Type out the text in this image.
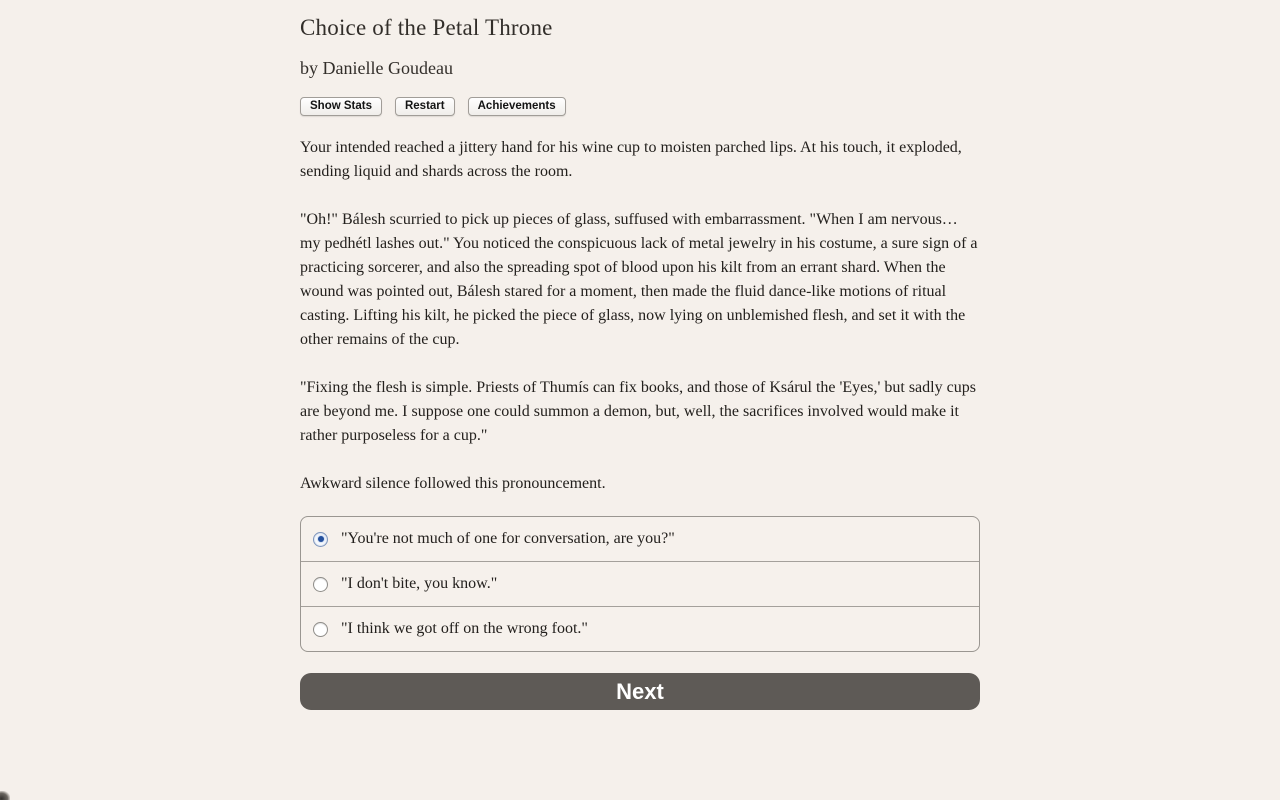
Choice of the Petal Throne
by Danielle Goudeau
Show Stats	Restart	Achievements

Your intended reached a jittery hand for his wine cup to moisten parched lips. At his touch, it exploded, sending liquid and shards across the room.

"Oh!" Bálesh scurried to pick up pieces of glass, suffused with embarrassment. "When I am nervous…my pedhétl lashes out." You noticed the conspicuous lack of metal jewelry in his costume, a sure sign of a practicing sorcerer, and also the spreading spot of blood upon his kilt from an errant shard. When the wound was pointed out, Bálesh stared for a moment, then made the fluid dance-like motions of ritual casting. Lifting his kilt, he picked the piece of glass, now lying on unblemished flesh, and set it with the other remains of the cup.

"Fixing the flesh is simple. Priests of Thumís can fix books, and those of Ksárul the 'Eyes,' but sadly cups are beyond me. I suppose one could summon a demon, but, well, the sacrifices involved would make it rather purposeless for a cup."

Awkward silence followed this pronouncement.

"You're not much of one for conversation, are you?"
"I don't bite, you know."
"I think we got off on the wrong foot."
Next
